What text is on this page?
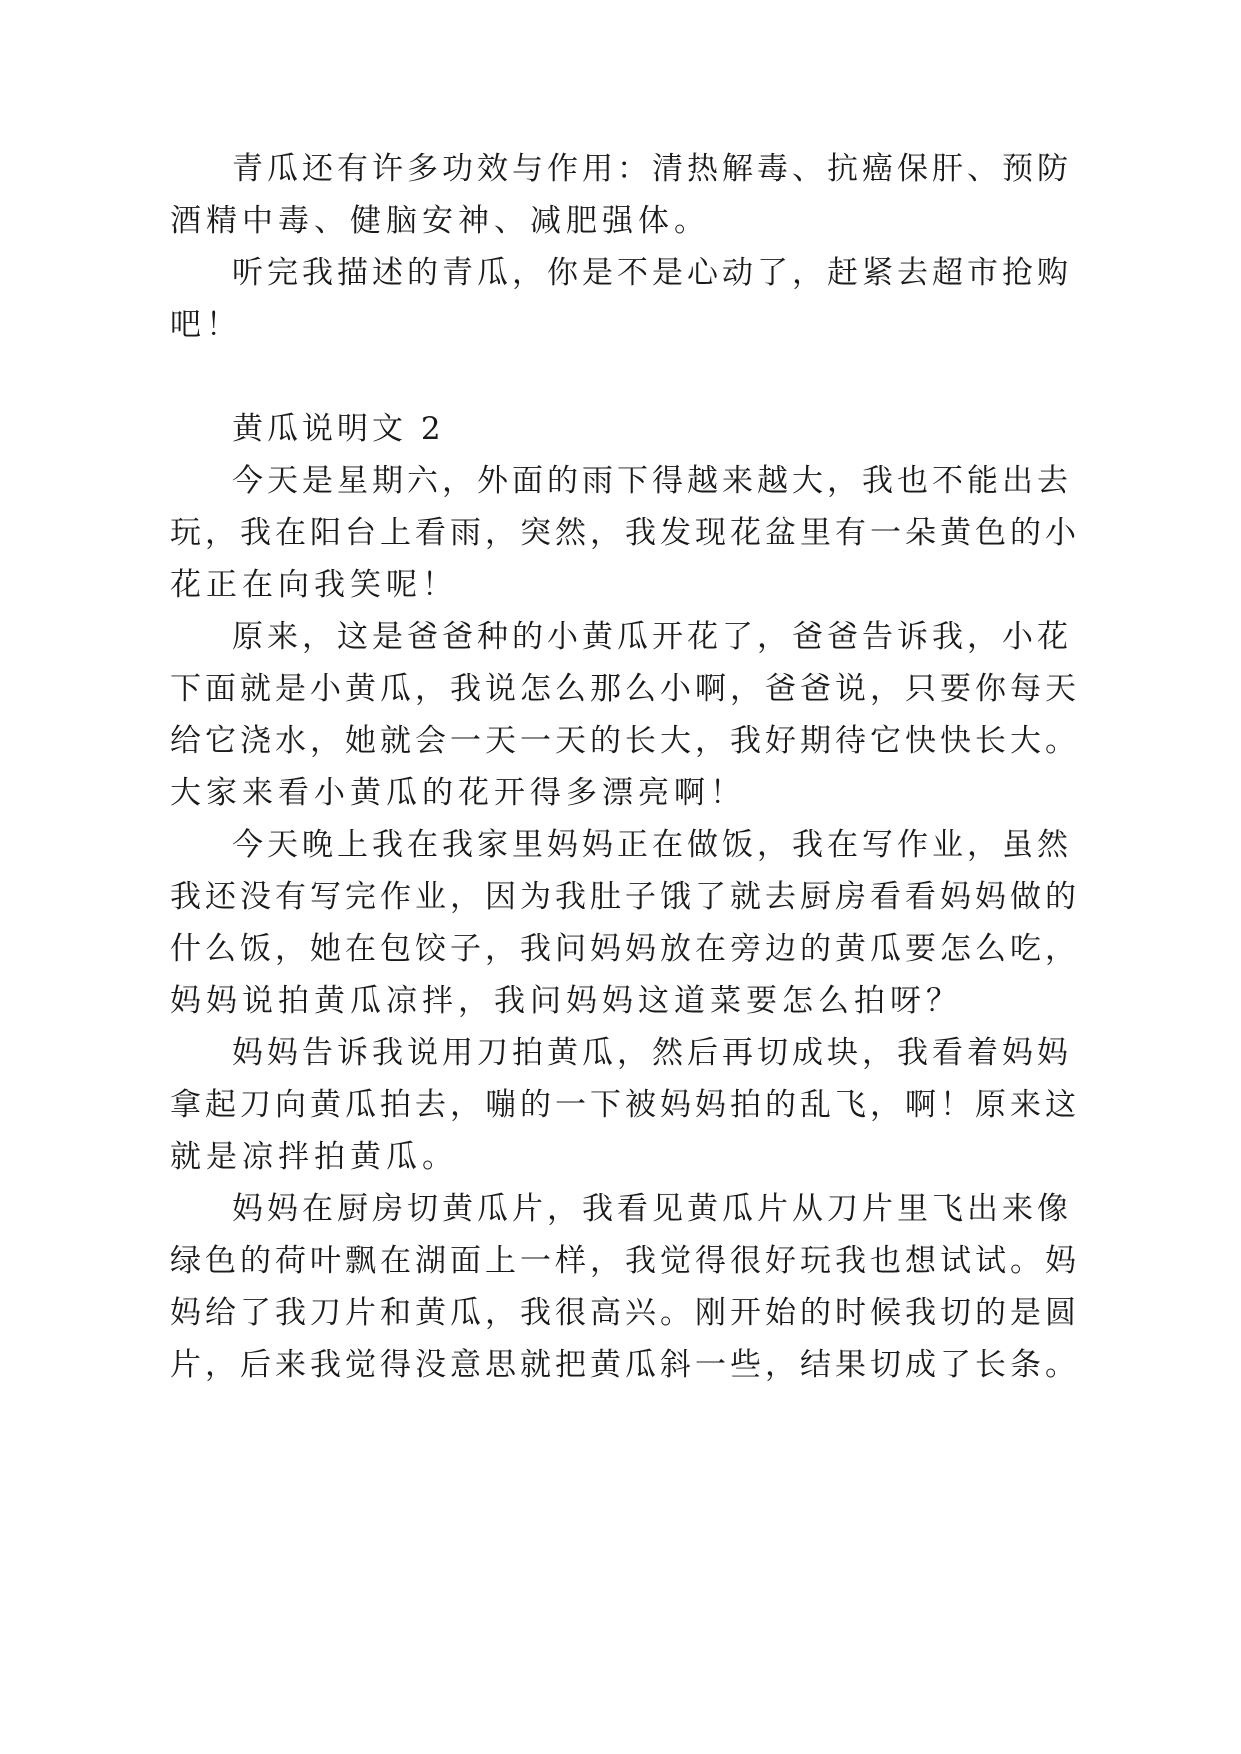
青瓜还有许多功效与作用：清热解毒、抗癌保肝、预防

酒精中毒、健脑安神、减肥强体。

听完我描述的青瓜，你是不是心动了，赶紧去超市抢购

吧！

黄瓜说明文 2

今天是星期六，外面的雨下得越来越大，我也不能出去

玩，我在阳台上看雨，突然，我发现花盆里有一朵黄色的小

花正在向我笑呢！

原来，这是爸爸种的小黄瓜开花了，爸爸告诉我，小花

下面就是小黄瓜，我说怎么那么小啊，爸爸说，只要你每天

给它浇水，她就会一天一天的长大，我好期待它快快长大。

大家来看小黄瓜的花开得多漂亮啊！

今天晚上我在我家里妈妈正在做饭，我在写作业，虽然

我还没有写完作业，因为我肚子饿了就去厨房看看妈妈做的

什么饭，她在包饺子，我问妈妈放在旁边的黄瓜要怎么吃，

妈妈说拍黄瓜凉拌，我问妈妈这道菜要怎么拍呀？

妈妈告诉我说用刀拍黄瓜，然后再切成块，我看着妈妈

拿起刀向黄瓜拍去，嘣的一下被妈妈拍的乱飞，啊！原来这

就是凉拌拍黄瓜。

妈妈在厨房切黄瓜片，我看见黄瓜片从刀片里飞出来像

绿色的荷叶飘在湖面上一样，我觉得很好玩我也想试试。妈

妈给了我刀片和黄瓜，我很高兴。刚开始的时候我切的是圆

片，后来我觉得没意思就把黄瓜斜一些，结果切成了长条。
